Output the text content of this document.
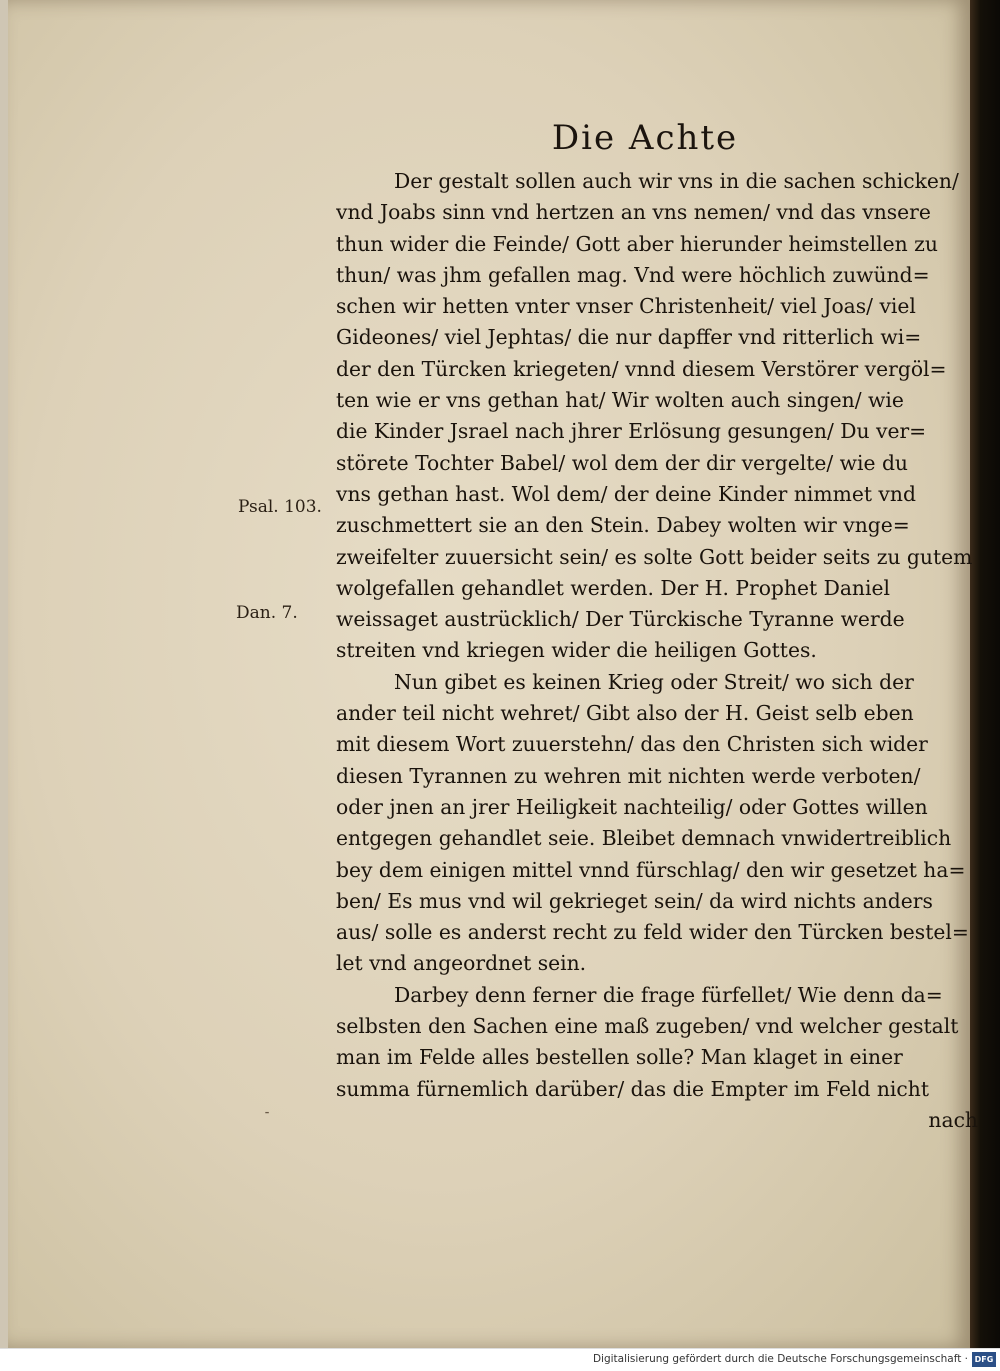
Die Achte
Psal. 103.
Dan. 7.
⁃
Der gestalt sollen auch wir vns in die sachen schicken/
vnd Joabs sinn vnd hertzen an vns nemen/ vnd das vnsere
thun wider die Feinde/ Gott aber hierunder heimstellen zu
thun/ was jhm gefallen mag. Vnd were höchlich zuwünd=
schen wir hetten vnter vnser Christenheit/ viel Joas/ viel
Gideones/ viel Jephtas/ die nur dapffer vnd ritterlich wi=
der den Türcken kriegeten/ vnnd diesem Verstörer vergöl=
ten wie er vns gethan hat/ Wir wolten auch singen/ wie
die Kinder Jsrael nach jhrer Erlösung gesungen/ Du ver=
störete Tochter Babel/ wol dem der dir vergelte/ wie du
vns gethan hast. Wol dem/ der deine Kinder nimmet vnd
zuschmettert sie an den Stein. Dabey wolten wir vnge=
zweifelter zuuersicht sein/ es solte Gott beider seits zu gutem
wolgefallen gehandlet werden. Der H. Prophet Daniel
weissaget austrücklich/ Der Türckische Tyranne werde
streiten vnd kriegen wider die heiligen Gottes.
Nun gibet es keinen Krieg oder Streit/ wo sich der
ander teil nicht wehret/ Gibt also der H. Geist selb eben
mit diesem Wort zuuerstehn/ das den Christen sich wider
diesen Tyrannen zu wehren mit nichten werde verboten/
oder jnen an jrer Heiligkeit nachteilig/ oder Gottes willen
entgegen gehandlet seie. Bleibet demnach vnwidertreiblich
bey dem einigen mittel vnnd fürschlag/ den wir gesetzet ha=
ben/ Es mus vnd wil gekrieget sein/ da wird nichts anders
aus/ solle es anderst recht zu feld wider den Türcken bestel=
let vnd angeordnet sein.
Darbey denn ferner die frage fürfellet/ Wie denn da=
selbsten den Sachen eine maß zugeben/ vnd welcher gestalt
man im Felde alles bestellen solle? Man klaget in einer
summa fürnemlich darüber/ das die Empter im Feld nicht
nach
Digitalisierung gefördert durch die Deutsche Forschungsgemeinschaft · DFG
